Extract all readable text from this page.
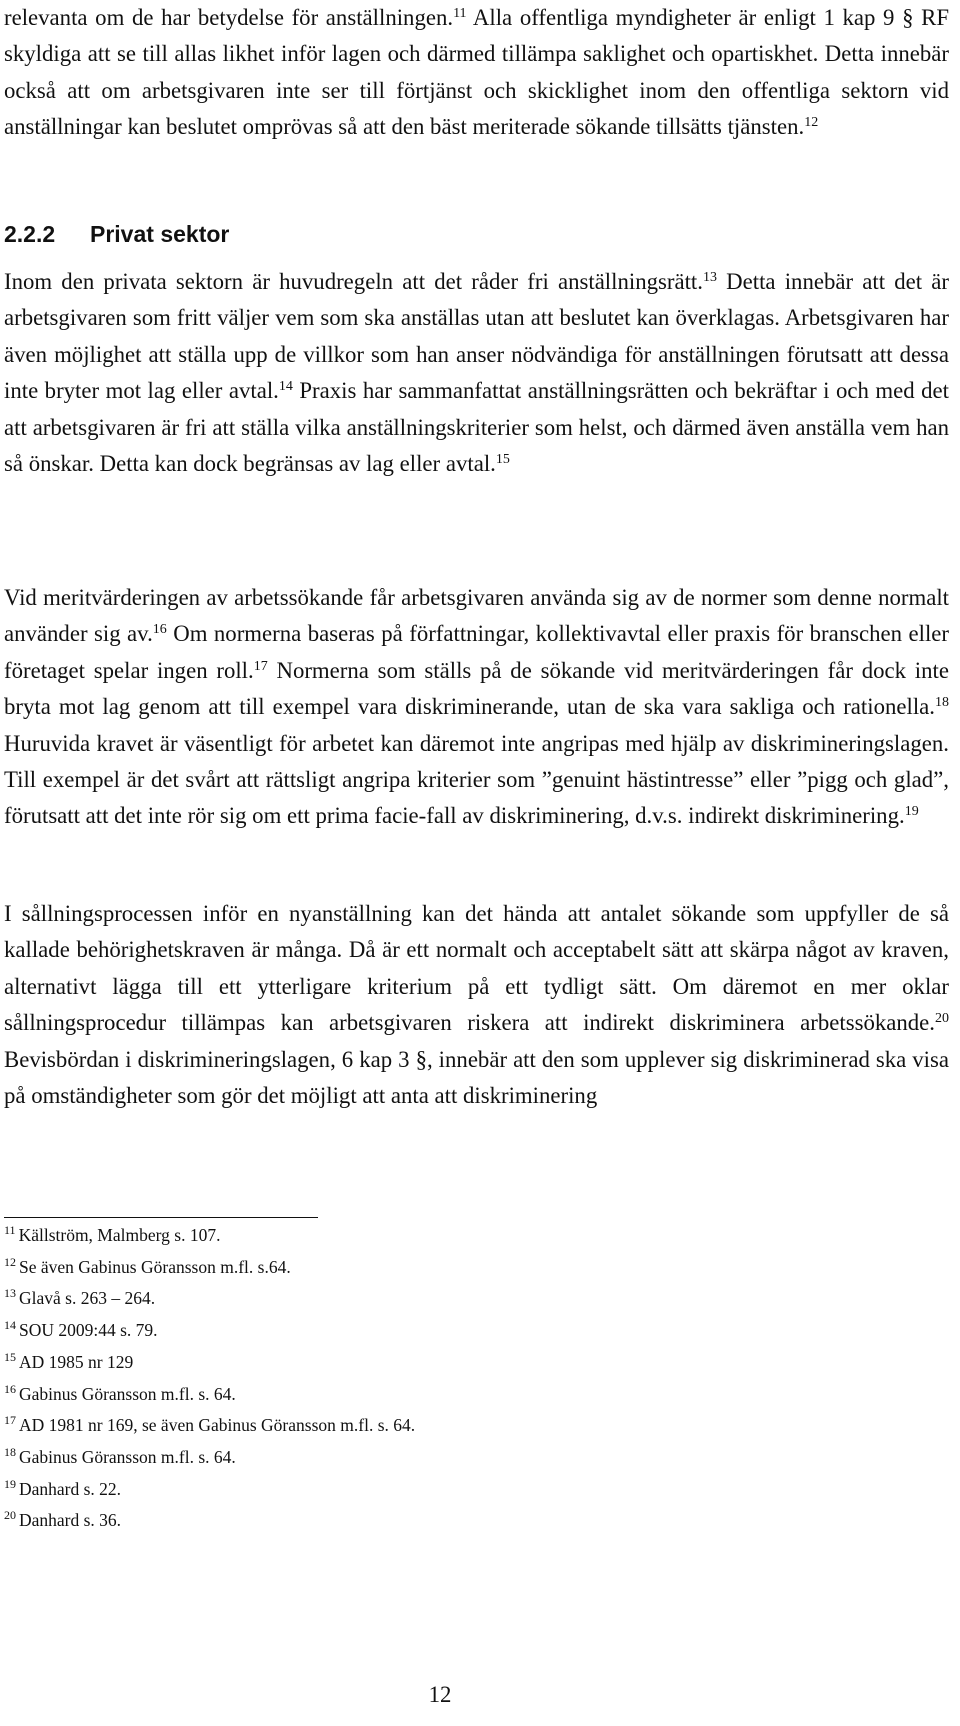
relevanta om de har betydelse för anställningen.$^{11}$ Alla offentliga myndigheter är enligt 1 kap 9 § RF skyldiga att se till allas likhet inför lagen och därmed tillämpa saklighet och opartiskhet. Detta innebär också att om arbetsgivaren inte ser till förtjänst och skicklighet inom den offentliga sektorn vid anställningar kan beslutet omprövas så att den bäst meriterade sökande tillsätts tjänsten.$^{12}$

2.2.2 Privat sektor

Inom den privata sektorn är huvudregeln att det råder fri anställningsrätt.$^{13}$ Detta innebär att det är arbetsgivaren som fritt väljer vem som ska anställas utan att beslutet kan överklagas. Arbetsgivaren har även möjlighet att ställa upp de villkor som han anser nödvändiga för anställningen förutsatt att dessa inte bryter mot lag eller avtal.$^{14}$ Praxis har sammanfattat anställningsrätten och bekräftar i och med det att arbetsgivaren är fri att ställa vilka anställningskriterier som helst, och därmed även anställa vem han så önskar. Detta kan dock begränsas av lag eller avtal.$^{15}$

Vid meritvärderingen av arbetssökande får arbetsgivaren använda sig av de normer som denne normalt använder sig av.$^{16}$ Om normerna baseras på författningar, kollektivavtal eller praxis för branschen eller företaget spelar ingen roll.$^{17}$ Normerna som ställs på de sökande vid meritvärderingen får dock inte bryta mot lag genom att till exempel vara diskriminerande, utan de ska vara sakliga och rationella.$^{18}$ Huruvida kravet är väsentligt för arbetet kan däremot inte angripas med hjälp av diskrimineringslagen. Till exempel är det svårt att rättsligt angripa kriterier som ”genuint hästintresse” eller ”pigg och glad”, förutsatt att det inte rör sig om ett prima facie-fall av diskriminering, d.v.s. indirekt diskriminering.$^{19}$

I sållningsprocessen inför en nyanställning kan det hända att antalet sökande som uppfyller de så kallade behörighetskraven är många. Då är ett normalt och acceptabelt sätt att skärpa något av kraven, alternativt lägga till ett ytterligare kriterium på ett tydligt sätt. Om däremot en mer oklar sållningsprocedur tillämpas kan arbetsgivaren riskera att indirekt diskriminera arbetssökande.$^{20}$ Bevisbördan i diskrimineringslagen, 6 kap 3 §, innebär att den som upplever sig diskriminerad ska visa på omständigheter som gör det möjligt att anta att diskriminering

$^{11}$ Källström, Malmberg s. 107.
$^{12}$ Se även Gabinus Göransson m.fl. s.64.
$^{13}$ Glavå s. 263 – 264.
$^{14}$ SOU 2009:44 s. 79.
$^{15}$ AD 1985 nr 129
$^{16}$ Gabinus Göransson m.fl. s. 64.
$^{17}$ AD 1981 nr 169, se även Gabinus Göransson m.fl. s. 64.
$^{18}$ Gabinus Göransson m.fl. s. 64.
$^{19}$ Danhard s. 22.
$^{20}$ Danhard s. 36.
12
